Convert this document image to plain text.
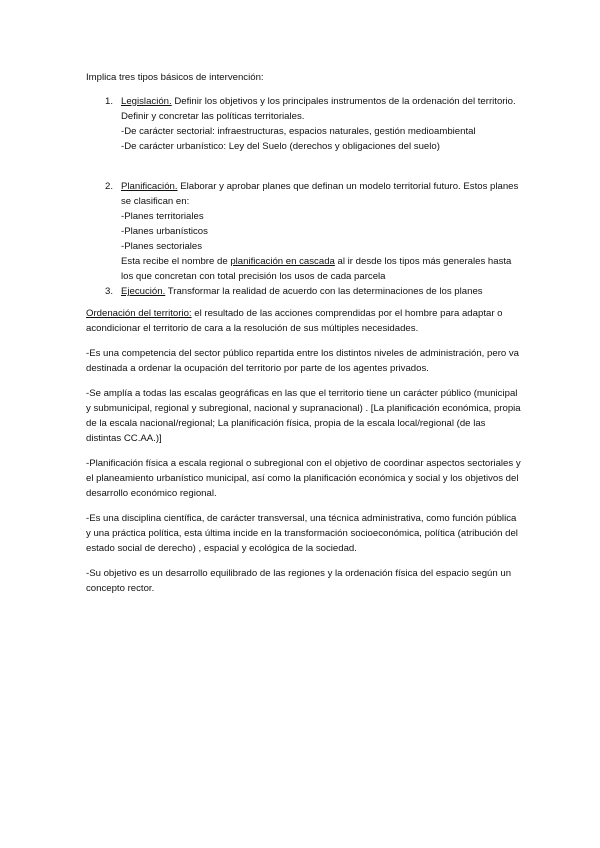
Implica tres tipos básicos de intervención:

1. Legislación. Definir los objetivos y los principales instrumentos de la ordenación del territorio. Definir y concretar las políticas territoriales.
-De carácter sectorial: infraestructuras, espacios naturales, gestión medioambiental
-De carácter urbanístico: Ley del Suelo (derechos y obligaciones del suelo)
2. Planificación. Elaborar y aprobar planes que definan un modelo territorial futuro. Estos planes se clasifican en:
-Planes territoriales
-Planes urbanísticos
-Planes sectoriales
Esta recibe el nombre de planificación en cascada al ir desde los tipos más generales hasta los que concretan con total precisión los usos de cada parcela
3. Ejecución. Transformar la realidad de acuerdo con las determinaciones de los planes

Ordenación del territorio: el resultado de las acciones comprendidas por el hombre para adaptar o acondicionar el territorio de cara a la resolución de sus múltiples necesidades.

-Es una competencia del sector público repartida entre los distintos niveles de administración, pero va destinada a ordenar la ocupación del territorio por parte de los agentes privados.

-Se amplía a todas las escalas geográficas en las que el territorio tiene un carácter público (municipal y submunicipal, regional y subregional, nacional y supranacional) . [La planificación económica, propia de la escala nacional/regional; La planificación física, propia de la escala local/regional (de las distintas CC.AA.)]

-Planificación física a escala regional o subregional con el objetivo de coordinar aspectos sectoriales y el planeamiento urbanístico municipal, así como la planificación económica y social y los objetivos del desarrollo económico regional.

-Es una disciplina científica, de carácter transversal, una técnica administrativa, como función pública y una práctica política, esta última incide en la transformación socioeconómica, política (atribución del estado social de derecho) , espacial y ecológica de la sociedad.

-Su objetivo es un desarrollo equilibrado de las regiones y la ordenación física del espacio según un concepto rector.
